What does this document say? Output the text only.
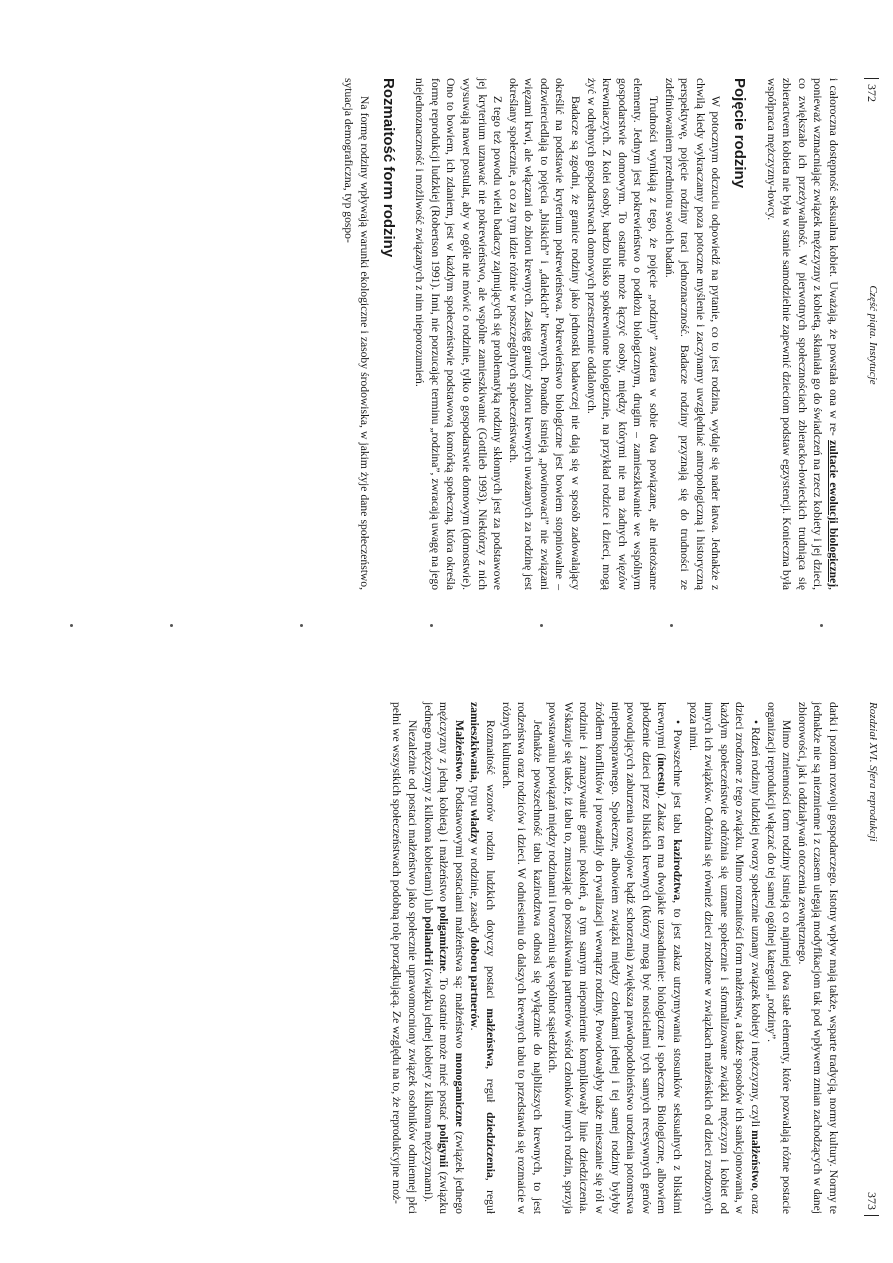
372
Część piąta. Instytucje

i całoroczna dostępność seksualna kobiet. Uważają, że powstała ona w re- zultacie ewolucji biologicznej, ponieważ wzmacniając związek mężczyzny z kobietą, skłaniała go do świadczeń na rzecz kobiety i jej dzieci, co zwiększało ich przeżywalność. W pierwotnych społecznościach zbieracko-łowieckich trudniąca się zbieractwem kobieta nie była w stanie samodzielnie zapewnić dzieciom podstaw egzystencji. Konieczna była współpraca mężczyzny-łowcy.

Pojęcie rodziny

W potocznym odczuciu odpowiedź na pytanie, co to jest rodzina, wydaje się nader łatwa. Jednakże z chwilą kiedy wykraczamy poza potoczne myślenie i zaczynamy uwzględniać antropologiczną i historyczną perspektywę, pojęcie rodziny traci jednoznaczność. Badacze rodziny przyznają się do trudności ze zdefiniowaniem przedmiotu swoich badań.

Trudności wynikają z tego, że pojęcie „rodziny” zawiera w sobie dwa powiązane, ale nietożsame elementy. Jednym jest pokrewieństwo o podłożu biologicznym, drugim – zamieszkiwanie we wspólnym gospodarstwie domowym. To ostatnie może łączyć osoby, między którymi nie ma żadnych więzów krewniaczych. Z kolei osoby, bardzo blisko spokrewnione biologicznie, na przykład rodzice i dzieci, mogą żyć w odrębnych gospodarstwach domowych przestrzennie oddalonych.

Badacze są zgodni, że granice rodziny jako jednostki badawczej nie dają się w sposób zadowalający określić na podstawie kryterium pokrewieństwa. Pokrewieństwo biologiczne jest bowiem stopniowalne – odzwierciedlają to pojęcia „bliskich” i „dalekich” krewnych. Ponadto istnieją „powinowaci” nie związani więzami krwi, ale włączani do zbioru krewnych. Zasięg granicy zbioru krewnych uważanych za rodzinę jest określany społecznie, a co za tym idzie różnie w poszczególnych społeczeństwach.

Z tego też powodu wielu badaczy zajmujących się problematyką rodziny skłonnych jest za podstawowe jej kryterium uznawać nie pokrewieństwo, ale wspólne zamieszkiwanie (Gottlieb 1993). Niektórzy z nich wysuwają nawet postulat, aby w ogóle nie mówić o rodzinie, tylko o gospodarstwie domowym (domostwie). Ono to bowiem, ich zdaniem, jest w każdym społeczeństwie podstawową komórką społeczną, która określa formę reprodukcji ludzkiej (Robertson 1991). Inni, nie porzucając terminu „rodzina”, zwracają uwagę na jego niejednoznaczność i możliwość związanych z nim nieporozumień.

Rozmaitość form rodziny

Na formę rodziny wpływają warunki ekologiczne i zasoby środowiska, w jakim żyje dane społeczeństwo, sytuacja demograficzna, typ gospo-

Rozdział XVI. Sfera reprodukcji
373

darki i poziom rozwoju gospodarczego. Istotny wpływ mają także, wsparte tradycją, normy kultury. Normy te jednakże nie są niezmienne i z czasem ulegają modyfikacjom tak pod wpływem zmian zachodzących w danej zbiorowości, jak i oddziaływań otoczenia zewnętrznego.

Mimo zmienności form rodziny istnieją co najmniej dwa stałe elementy, które pozwalają różne postacie organizacji reprodukcji włączać do tej samej ogólnej kategorii „rodziny”.

• Rdzeń rodziny ludzkiej tworzy społecznie uznany związek kobiety i mężczyzny, czyli małżeństwo, oraz dzieci zrodzone z tego związku. Mimo rozmaitości form małżeństw, a także sposobów ich sankcjonowania, w każdym społeczeństwie odróżnia się uznane społecznie i sformalizowane związki mężczyzn i kobiet od innych ich związków. Odróżnia się również dzieci zrodzone w związkach małżeńskich od dzieci zrodzonych poza nimi.

• Powszechne jest tabu kazirodztwa, to jest zakaz utrzymywania stosunków seksualnych z bliskimi krewnymi (incestu). Zakaz ten ma dwojakie uzasadnienie: biologiczne i społeczne. Biologiczne, albowiem płodzenie dzieci przez bliskich krewnych (którzy mogą być nosicielami tych samych recesywnych genów powodujących zaburzenia rozwojowe bądź schorzenia) zwiększa prawdopodobieństwo urodzenia potomstwa niepełnosprawnego. Społeczne, albowiem związki między członkami jednej i tej samej rodziny byłyby źródłem konfliktów i prowadziły do rywalizacji wewnątrz rodziny. Powodowałyby także mieszanie się ról w rodzinie i zamazywanie granic pokoleń, a tym samym niepomiernie komplikowały linie dziedziczenia. Wskazuje się także, iż tabu to, zmuszając do poszukiwania partnerów wśród członków innych rodzin, sprzyja powstawaniu powiązań między rodzinami i tworzeniu się wspólnot sąsiedzkich.

Jednakże powszechność tabu kazirodztwa odnosi się wyłącznie do najbliższych krewnych, to jest rodzeństwa oraz rodziców i dzieci. W odniesieniu do dalszych krewnych tabu to przedstawia się rozmaicie w różnych kulturach.

Rozmaitość wzorów rodzin ludzkich dotyczy postaci małżeństwa, reguł dziedziczenia, reguł zamieszkiwania, typu władzy w rodzinie, zasady doboru partnerów.

Małżeństwo. Podstawowymi postaciami małżeństwa są: małżeństwo monogamiczne (związek jednego mężczyzny z jedną kobietą) i małżeństwo poligamiczne. To ostatnie może mieć postać poligynii (związku jednego mężczyzny z kilkoma kobietami) lub poliandrii (związku jednej kobiety z kilkoma mężczyznami).

Niezależnie od postaci małżeństwo jako społecznie uprawomocniony związek osobników odmiennej płci pełni we wszystkich społeczeństwach podobną rolę porządkującą. Ze względu na to, że reprodukcyjne moż-
